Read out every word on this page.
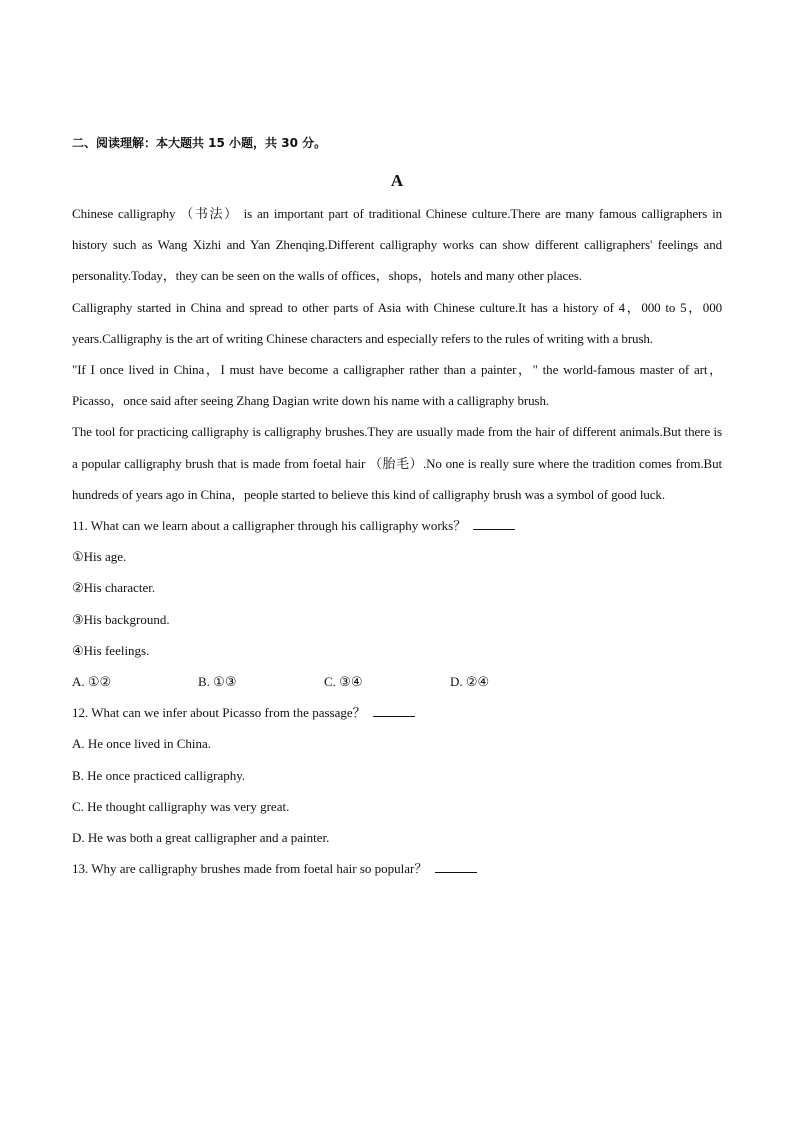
二、阅读理解：本大题共 15 小题，共 30 分。

A

Chinese calligraphy （书法） is an important part of traditional Chinese culture.There are many famous calligraphers in history such as Wang Xizhi and Yan Zhenqing.Different calligraphy works can show different calligraphers' feelings and personality.Today，they can be seen on the walls of offices，shops，hotels and many other places.

Calligraphy started in China and spread to other parts of Asia with Chinese culture.It has a history of 4，000 to 5，000 years.Calligraphy is the art of writing Chinese characters and especially refers to the rules of writing with a brush.

"If I once lived in China，I must have become a calligrapher rather than a painter，" the world-famous master of art，Picasso，once said after seeing Zhang Dagian write down his name with a calligraphy brush.

The tool for practicing calligraphy is calligraphy brushes.They are usually made from the hair of different animals.But there is a popular calligraphy brush that is made from foetal hair （胎毛）.No one is really sure where the tradition comes from.But hundreds of years ago in China，people started to believe this kind of calligraphy brush was a symbol of good luck.

11. What can we learn about a calligrapher through his calligraphy works？

①His age.

②His character.

③His background.

④His feelings.

A. ①②	B. ①③	C. ③④	D. ②④

12. What can we infer about Picasso from the passage？

A. He once lived in China.

B. He once practiced calligraphy.

C. He thought calligraphy was very great.

D. He was both a great calligrapher and a painter.

13. Why are calligraphy brushes made from foetal hair so popular？
